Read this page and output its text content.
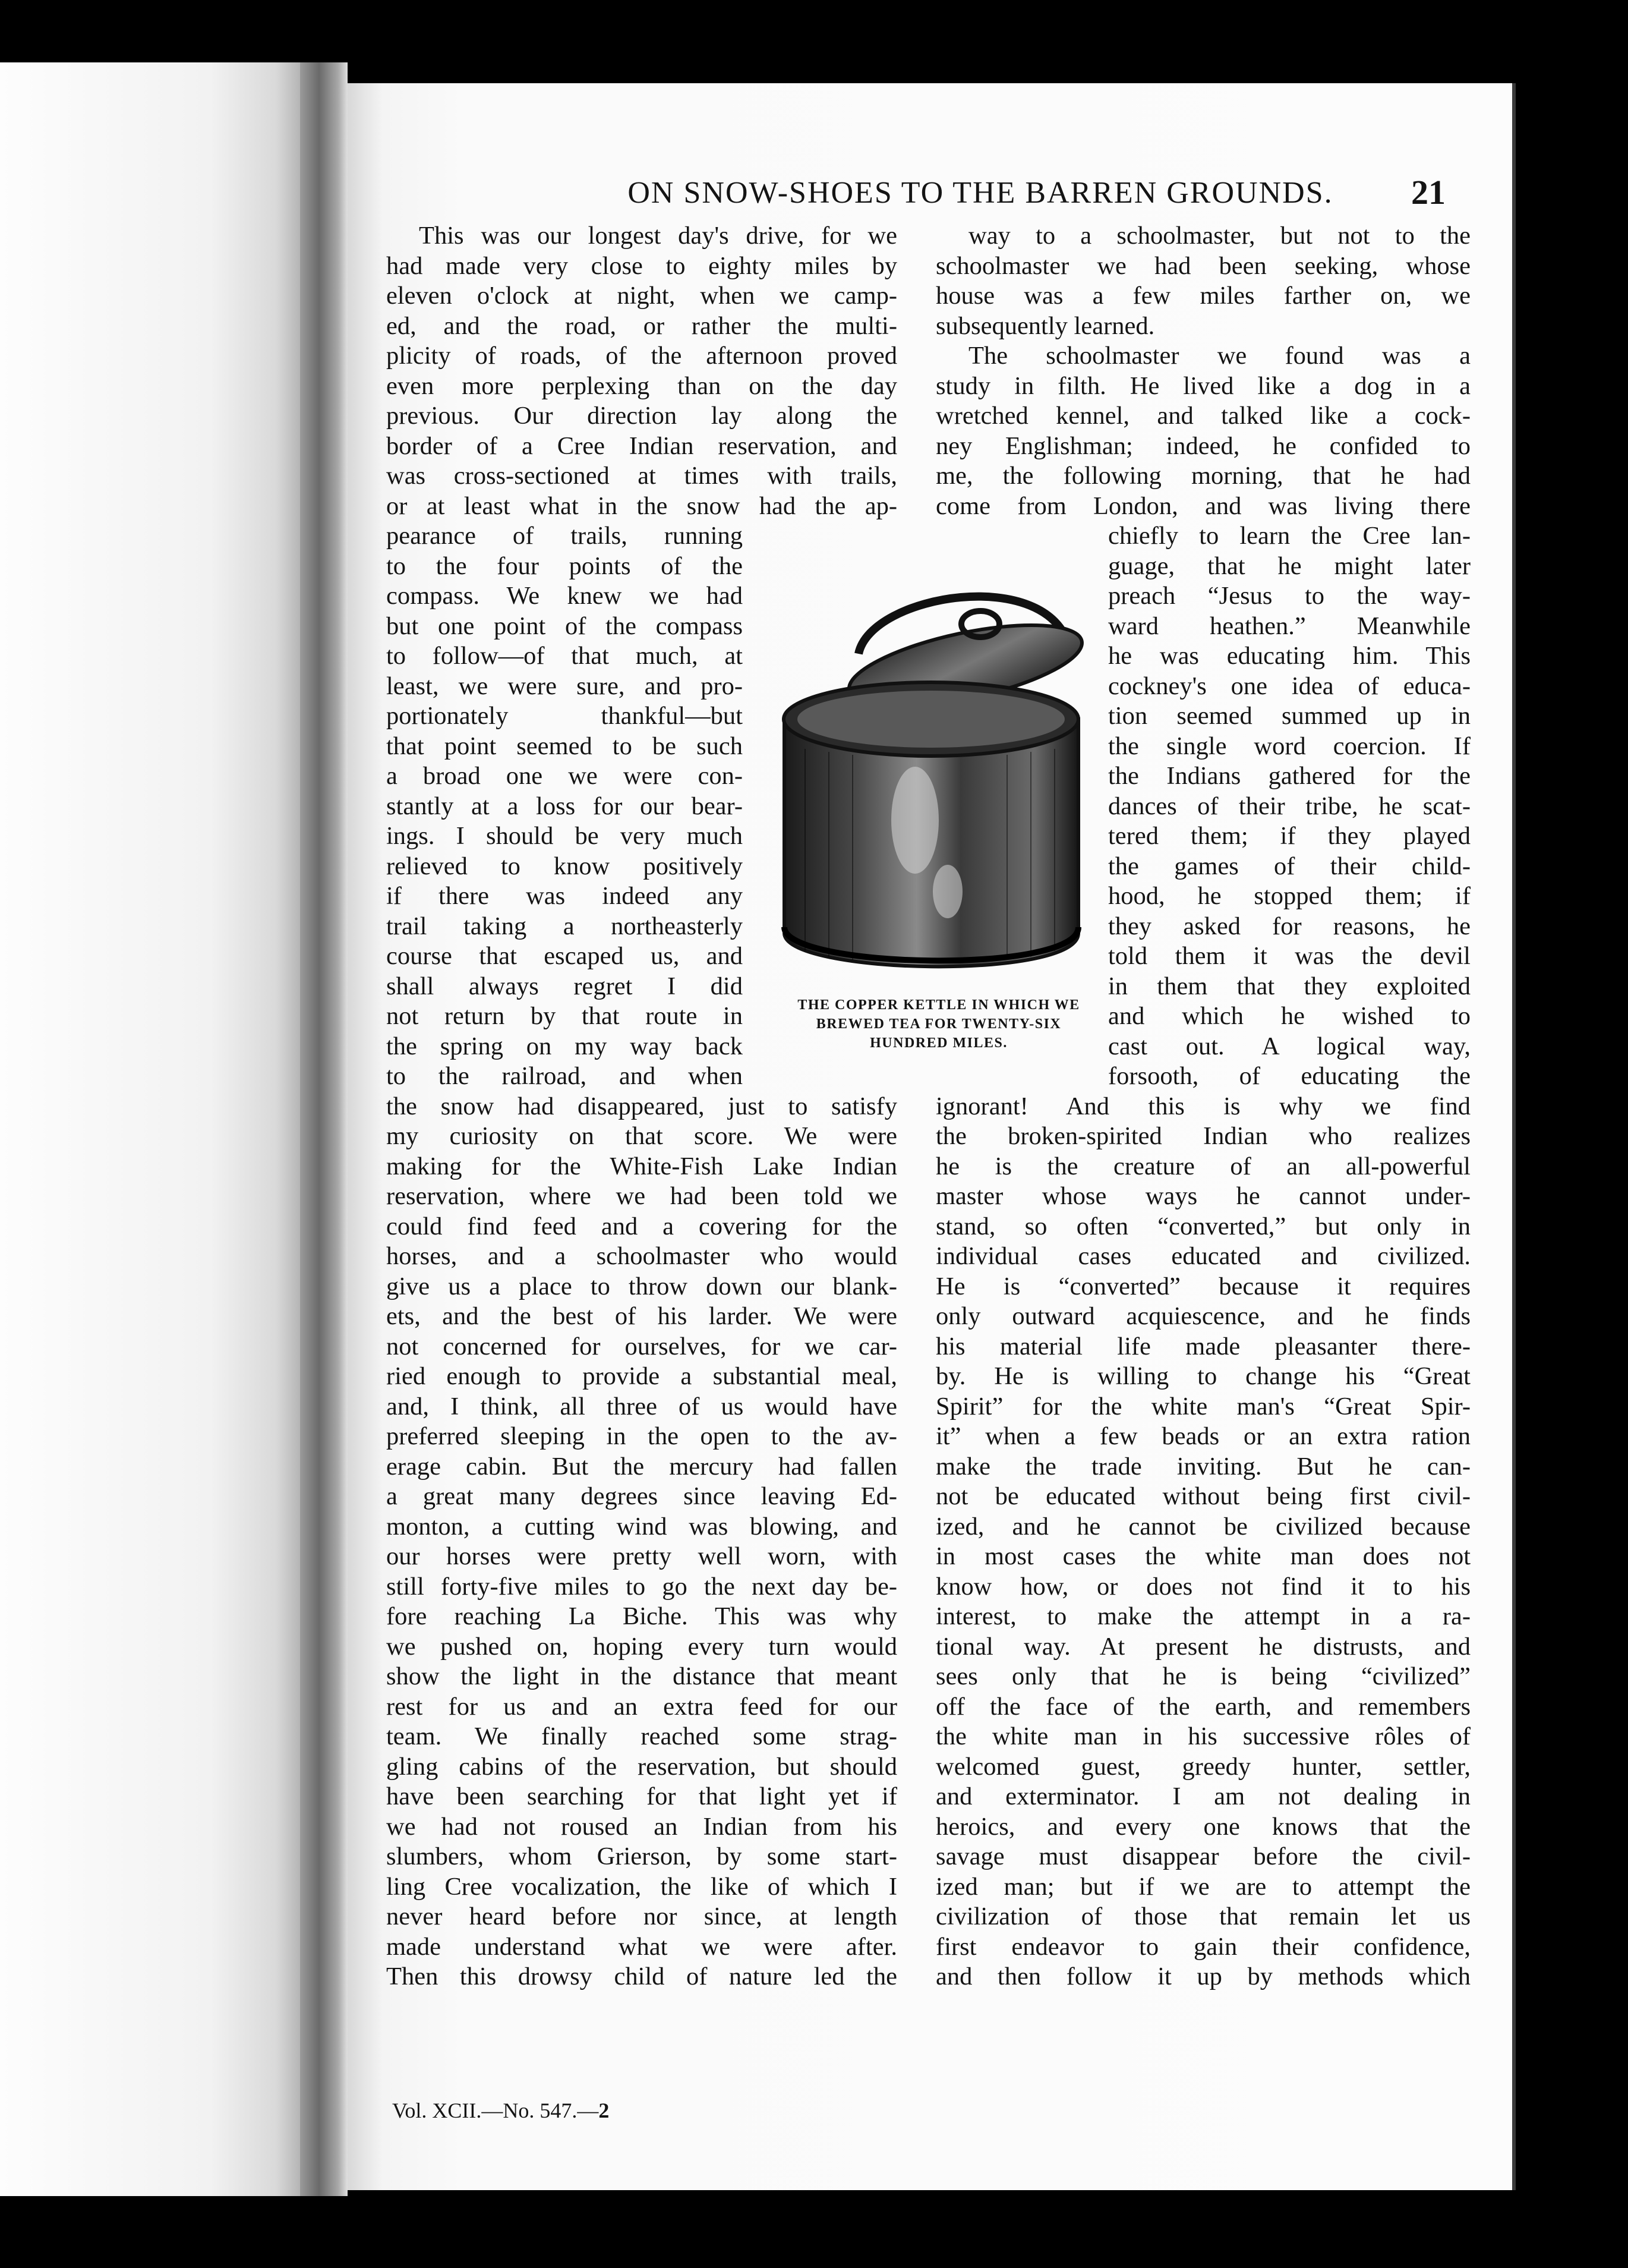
ON SNOW-SHOES TO THE BARREN GROUNDS.	21
This was our longest day's drive, for we
had made very close to eighty miles by
eleven o'clock at night, when we camp-
ed, and the road, or rather the multi-
plicity of roads, of the afternoon proved
even more perplexing than on the day
previous. Our direction lay along the
border of a Cree Indian reservation, and
was cross-sectioned at times with trails,
or at least what in the snow had the ap-
pearance of trails, running
to the four points of the
compass. We knew we had
but one point of the compass
to follow—of that much, at
least, we were sure, and pro-
portionately thankful—but
that point seemed to be such
a broad one we were con-
stantly at a loss for our bear-
ings. I should be very much
relieved to know positively
if there was indeed any
trail taking a northeasterly
course that escaped us, and
shall always regret I did
not return by that route in
the spring on my way back
to the railroad, and when
the snow had disappeared, just to satisfy
my curiosity on that score. We were
making for the White-Fish Lake Indian
reservation, where we had been told we
could find feed and a covering for the
horses, and a schoolmaster who would
give us a place to throw down our blank-
ets, and the best of his larder. We were
not concerned for ourselves, for we car-
ried enough to provide a substantial meal,
and, I think, all three of us would have
preferred sleeping in the open to the av-
erage cabin. But the mercury had fallen
a great many degrees since leaving Ed-
monton, a cutting wind was blowing, and
our horses were pretty well worn, with
still forty-five miles to go the next day be-
fore reaching La Biche. This was why
we pushed on, hoping every turn would
show the light in the distance that meant
rest for us and an extra feed for our
team. We finally reached some strag-
gling cabins of the reservation, but should
have been searching for that light yet if
we had not roused an Indian from his
slumbers, whom Grierson, by some start-
ling Cree vocalization, the like of which I
never heard before nor since, at length
made understand what we were after.
Then this drowsy child of nature led the
way to a schoolmaster, but not to the
schoolmaster we had been seeking, whose
house was a few miles farther on, we
subsequently learned.
The schoolmaster we found was a
study in filth. He lived like a dog in a
wretched kennel, and talked like a cock-
ney Englishman; indeed, he confided to
me, the following morning, that he had
come from London, and was living there
chiefly to learn the Cree lan-
guage, that he might later
preach “Jesus to the way-
ward heathen.” Meanwhile
he was educating him. This
cockney's one idea of educa-
tion seemed summed up in
the single word coercion. If
the Indians gathered for the
dances of their tribe, he scat-
tered them; if they played
the games of their child-
hood, he stopped them; if
they asked for reasons, he
told them it was the devil
in them that they exploited
and which he wished to
cast out. A logical way,
forsooth, of educating the
ignorant! And this is why we find
the broken-spirited Indian who realizes
he is the creature of an all-powerful
master whose ways he cannot under-
stand, so often “converted,” but only in
individual cases educated and civilized.
He is “converted” because it requires
only outward acquiescence, and he finds
his material life made pleasanter there-
by. He is willing to change his “Great
Spirit” for the white man's “Great Spir-
it” when a few beads or an extra ration
make the trade inviting. But he can-
not be educated without being first civil-
ized, and he cannot be civilized because
in most cases the white man does not
know how, or does not find it to his
interest, to make the attempt in a ra-
tional way. At present he distrusts, and
sees only that he is being “civilized”
off the face of the earth, and remembers
the white man in his successive rôles of
welcomed guest, greedy hunter, settler,
and exterminator. I am not dealing in
heroics, and every one knows that the
savage must disappear before the civil-
ized man; but if we are to attempt the
civilization of those that remain let us
first endeavor to gain their confidence,
and then follow it up by methods which
THE COPPER KETTLE IN WHICH WE
BREWED TEA FOR TWENTY-SIX
HUNDRED MILES.
Vol. XCII.—No. 547.—2
